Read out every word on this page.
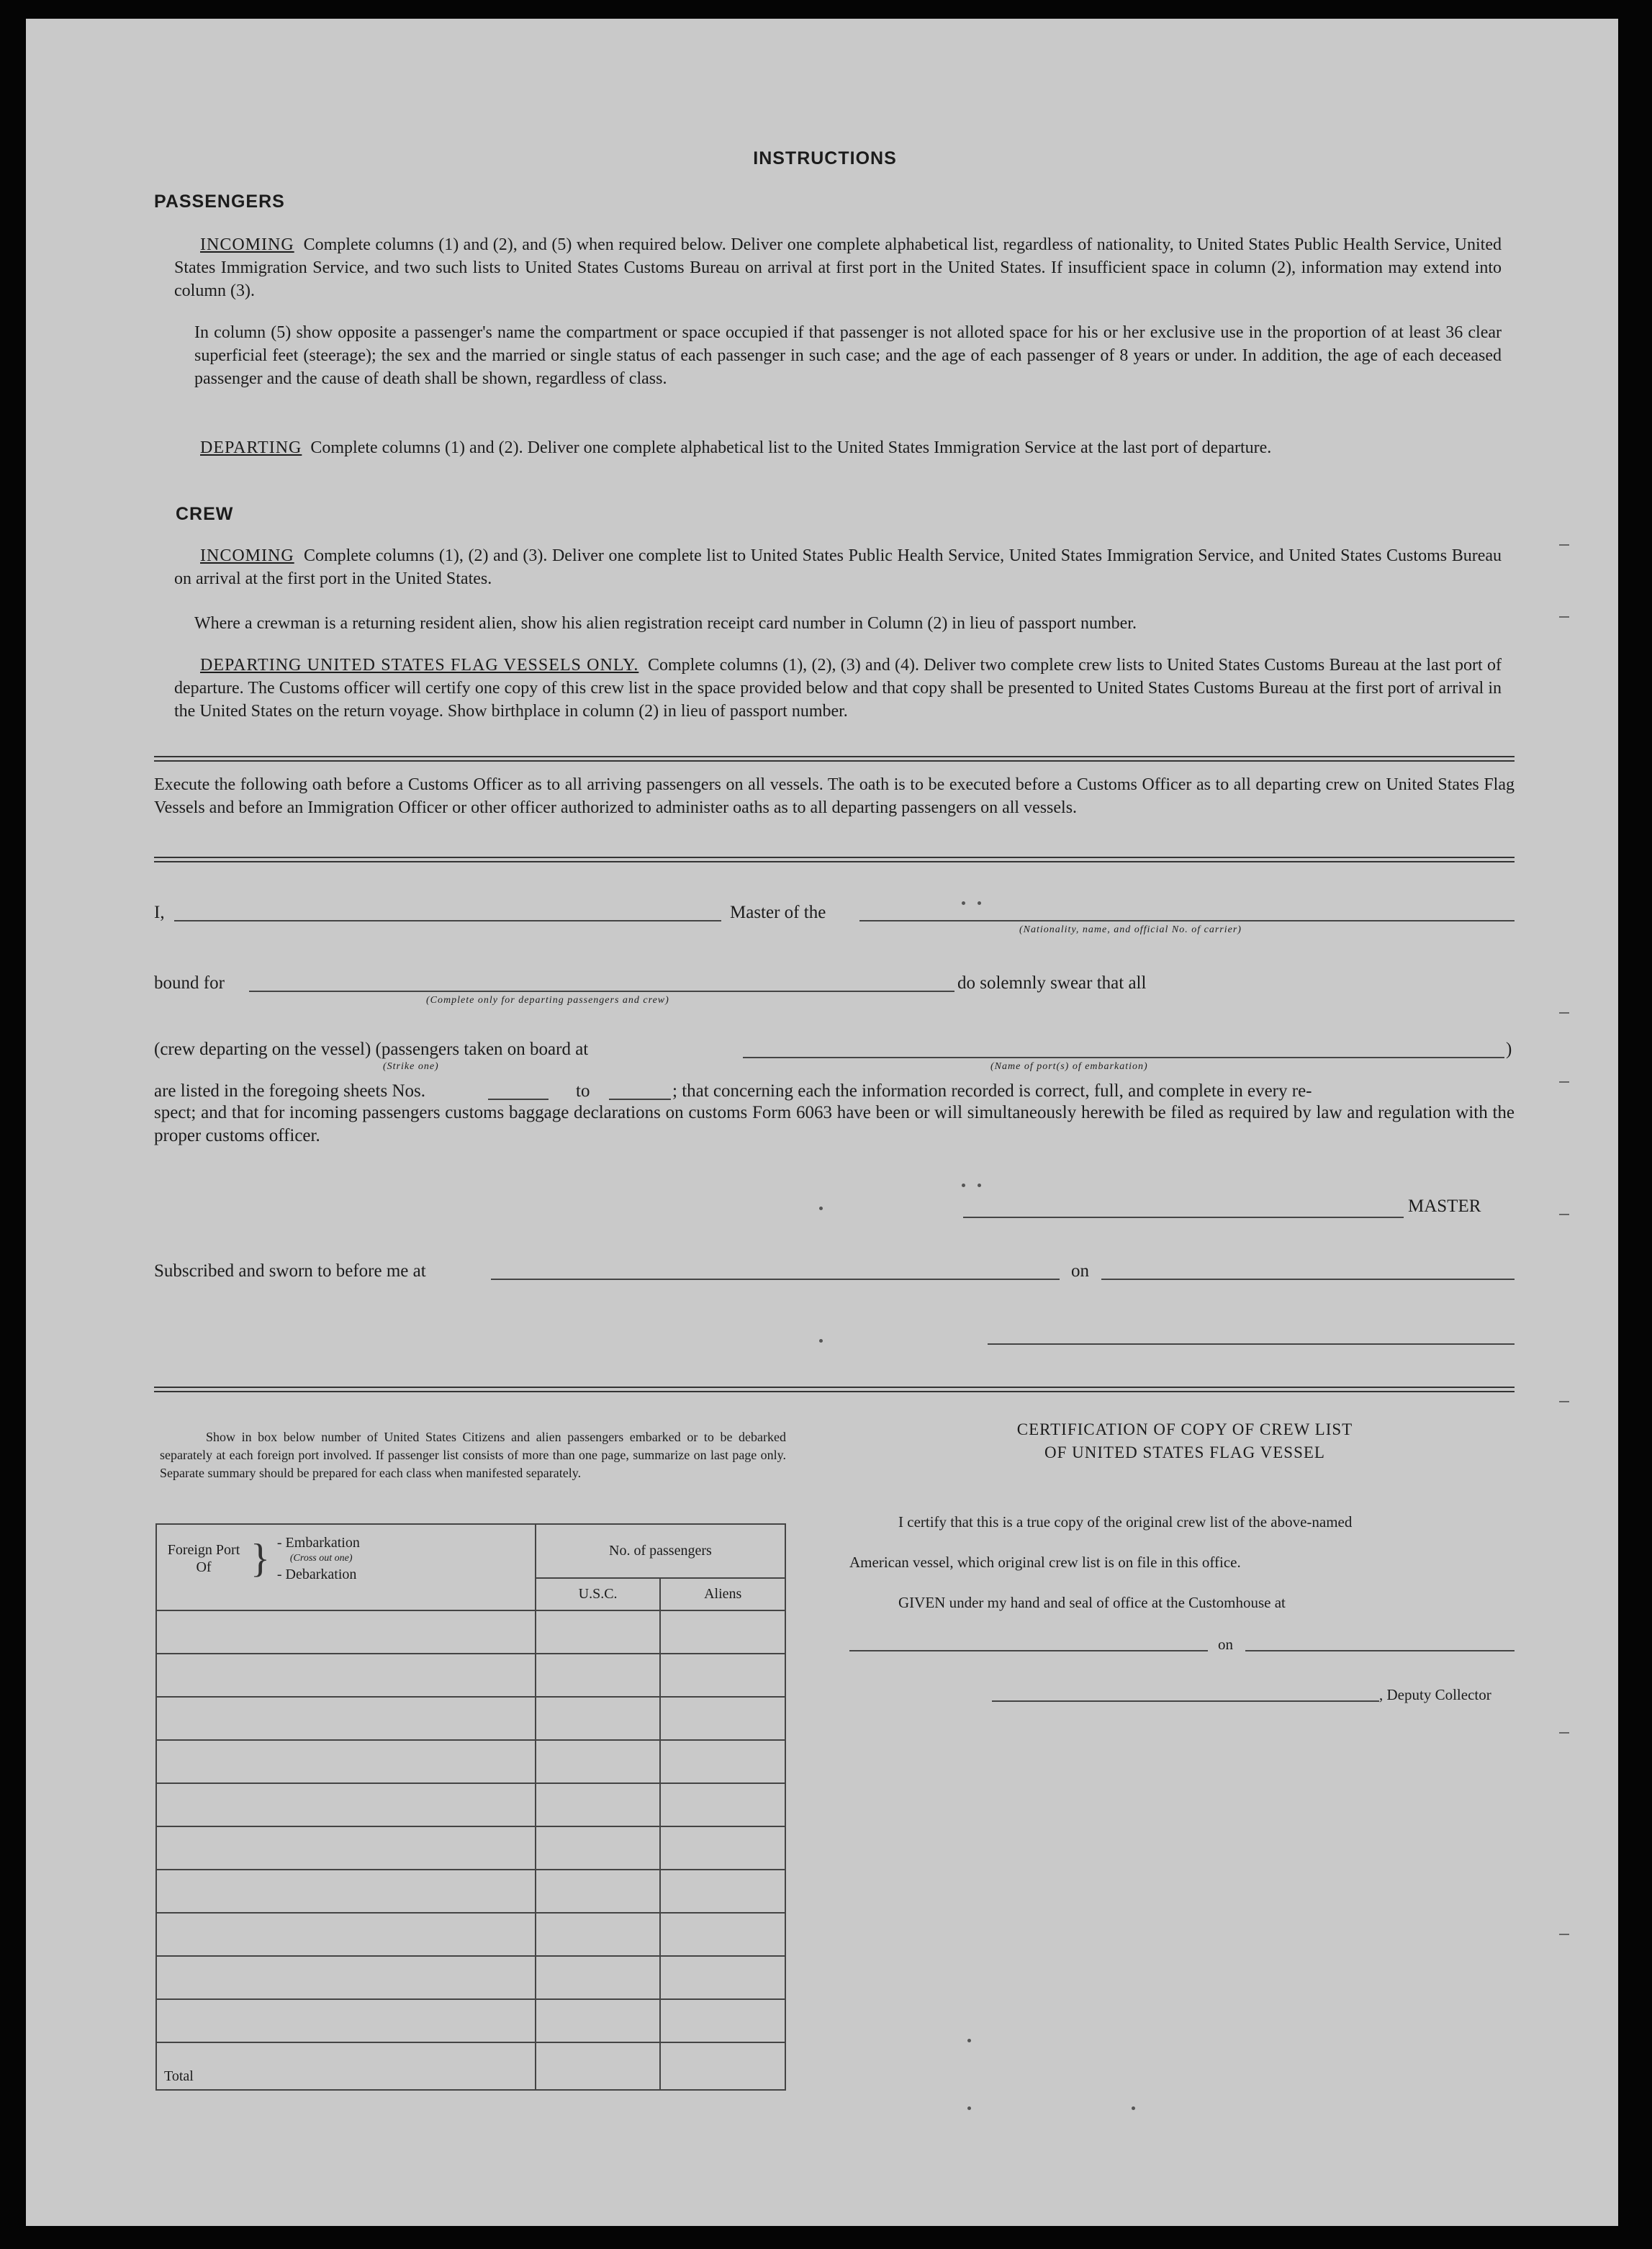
INSTRUCTIONS
PASSENGERS
INCOMING Complete columns (1) and (2), and (5) when required below. Deliver one complete alphabetical list, regardless of nationality, to United States Public Health Service, United States Immigration Service, and two such lists to United States Customs Bureau on arrival at first port in the United States. If insufficient space in column (2), information may extend into column (3).
In column (5) show opposite a passenger's name the compartment or space occupied if that passenger is not alloted space for his or her exclusive use in the proportion of at least 36 clear superficial feet (steerage); the sex and the married or single status of each passenger in such case; and the age of each passenger of 8 years or under. In addition, the age of each deceased passenger and the cause of death shall be shown, regardless of class.
DEPARTING Complete columns (1) and (2). Deliver one complete alphabetical list to the United States Immigration Service at the last port of departure.
CREW
INCOMING Complete columns (1), (2) and (3). Deliver one complete list to United States Public Health Service, United States Immigration Service, and United States Customs Bureau on arrival at the first port in the United States.
Where a crewman is a returning resident alien, show his alien registration receipt card number in Column (2) in lieu of passport number.
DEPARTING UNITED STATES FLAG VESSELS ONLY. Complete columns (1), (2), (3) and (4). Deliver two complete crew lists to United States Customs Bureau at the last port of departure. The Customs officer will certify one copy of this crew list in the space provided below and that copy shall be presented to United States Customs Bureau at the first port of arrival in the United States on the return voyage. Show birthplace in column (2) in lieu of passport number.
Execute the following oath before a Customs Officer as to all arriving passengers on all vessels. The oath is to be executed before a Customs Officer as to all departing crew on United States Flag Vessels and before an Immigration Officer or other officer authorized to administer oaths as to all departing passengers on all vessels.
I,	Master of the
(Nationality, name, and official No. of carrier)
bound for
(Complete only for departing passengers and crew)
do solemnly swear that all
(crew departing on the vessel) (passengers taken on board at	)
(Strike one)	(Name of port(s) of embarkation)
are listed in the foregoing sheets Nos.	to	; that concerning each the information recorded is correct, full, and complete in every re-
spect; and that for incoming passengers customs baggage declarations on customs Form 6063 have been or will simultaneously herewith be filed as required by law and regulation with the proper customs officer.
MASTER
Subscribed and sworn to before me at	on
Show in box below number of United States Citizens and alien passengers embarked or to be debarked separately at each foreign port involved. If passenger list consists of more than one page, summarize on last page only. Separate summary should be prepared for each class when manifested separately.
Foreign Port Of } - Embarkation
(Cross out one)
- Debarkation	No. of passengers	
	U.S.C.	Aliens

Total		
CERTIFICATION OF COPY OF CREW LIST
OF UNITED STATES FLAG VESSEL
I certify that this is a true copy of the original crew list of the above-named
American vessel, which original crew list is on file in this office.
GIVEN under my hand and seal of office at the Customhouse at
on
, Deputy Collector
